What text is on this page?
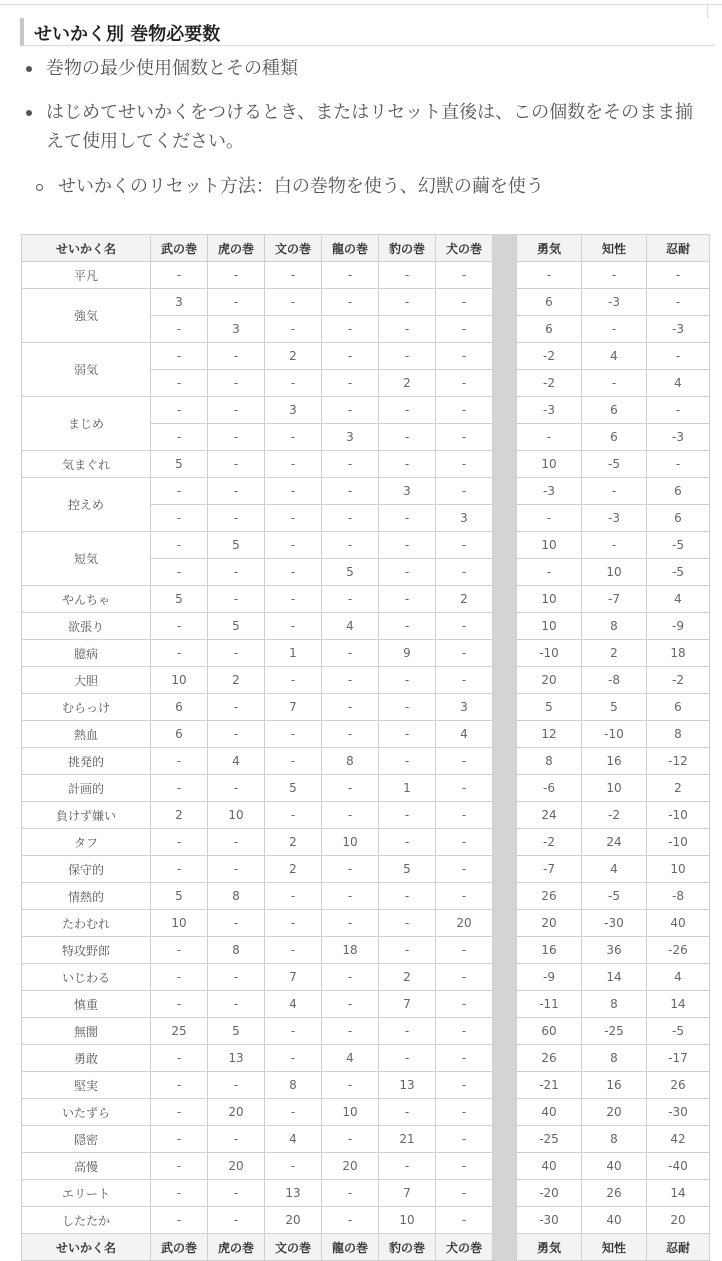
せいかく別 巻物必要数
巻物の最少使用個数とその種類
はじめてせいかくをつけるとき、またはリセット直後は、この個数をそのまま揃えて使用してください。
せいかくのリセット方法：白の巻物を使う、幻獣の繭を使う
せいかく名	武の巻	虎の巻	文の巻	龍の巻	豹の巻	犬の巻		勇気	知性	忍耐
平凡	-	-	-	-	-	-		-	-	-
強気	3	-	-	-	-	-		6	-3	-
	-	3	-	-	-	-		6	-	-3
弱気	-	-	2	-	-	-		-2	4	-
	-	-	-	-	2	-		-2	-	4
まじめ	-	-	3	-	-	-		-3	6	-
	-	-	-	3	-	-		-	6	-3
気まぐれ	5	-	-	-	-	-		10	-5	-
控えめ	-	-	-	-	3	-		-3	-	6
	-	-	-	-	-	3		-	-3	6
短気	-	5	-	-	-	-		10	-	-5
	-	-	-	5	-	-		-	10	-5
やんちゃ	5	-	-	-	-	2		10	-7	4
欲張り	-	5	-	4	-	-		10	8	-9
臆病	-	-	1	-	9	-		-10	2	18
大胆	10	2	-	-	-	-		20	-8	-2
むらっけ	6	-	7	-	-	3		5	5	6
熱血	6	-	-	-	-	4		12	-10	8
挑発的	-	4	-	8	-	-		8	16	-12
計画的	-	-	5	-	1	-		-6	10	2
負けず嫌い	2	10	-	-	-	-		24	-2	-10
タフ	-	-	2	10	-	-		-2	24	-10
保守的	-	-	2	-	5	-		-7	4	10
情熱的	5	8	-	-	-	-		26	-5	-8
たわむれ	10	-	-	-	-	20		20	-30	40
特攻野郎	-	8	-	18	-	-		16	36	-26
いじわる	-	-	7	-	2	-		-9	14	4
慎重	-	-	4	-	7	-		-11	8	14
無闇	25	5	-	-	-	-		60	-25	-5
勇敢	-	13	-	4	-	-		26	8	-17
堅実	-	-	8	-	13	-		-21	16	26
いたずら	-	20	-	10	-	-		40	20	-30
隠密	-	-	4	-	21	-		-25	8	42
高慢	-	20	-	20	-	-		40	40	-40
エリート	-	-	13	-	7	-		-20	26	14
したたか	-	-	20	-	10	-		-30	40	20
せいかく名	武の巻	虎の巻	文の巻	龍の巻	豹の巻	犬の巻		勇気	知性	忍耐
